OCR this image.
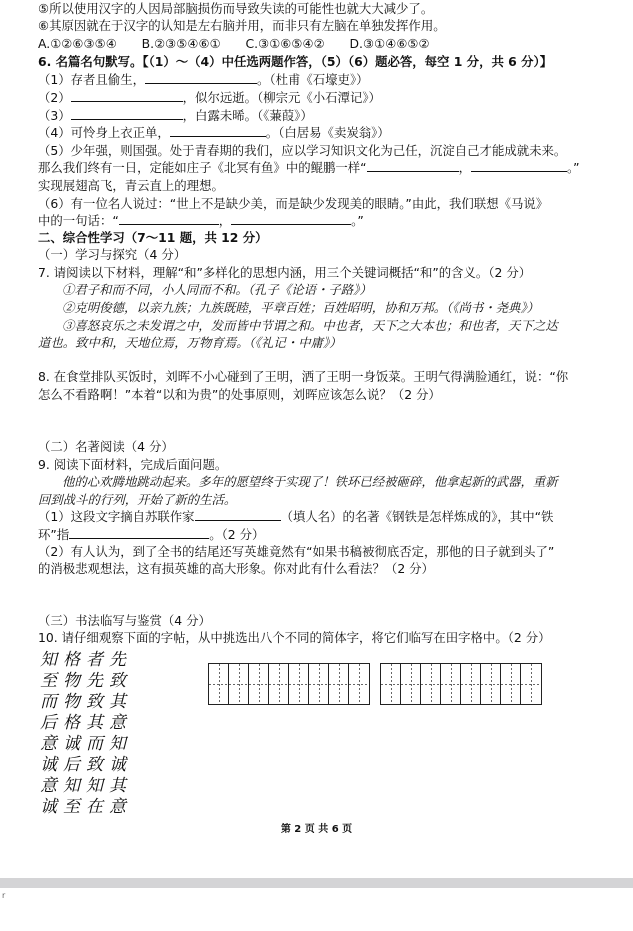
⑤所以使用汉字的人因局部脑损伤而导致失读的可能性也就大大减少了。
⑥其原因就在于汉字的认知是左右脑并用，而非只有左脑在单独发挥作用。
A.①②⑥③⑤④　　B.②③⑤④⑥①　　C.③①⑥⑤④②　　D.③①④⑥⑤②
6. 名篇名句默写。【（1）～（4）中任选两题作答，（5）（6）题必答，每空 1 分，共 6 分）】
（1）存者且偷生，	。（杜甫《石壕吏》）
（2）	，似尔远逝。（柳宗元《小石潭记》）
（3）	，白露未晞。（《蒹葭》）
（4）可怜身上衣正单，	。（白居易《卖炭翁》）
（5）少年强，则国强。处于青春期的我们，应以学习知识文化为己任，沉淀自己才能成就未来。
那么我们终有一日，定能如庄子《北冥有鱼》中的鲲鹏一样“	，	。”
实现展翅高飞，青云直上的理想。
（6）有一位名人说过：“世上不是缺少美，而是缺少发现美的眼睛。”由此，我们联想《马说》
中的一句话：“	，	。”
二、综合性学习（7～11 题，共 12 分）
（一）学习与探究（4 分）
7. 请阅读以下材料，理解“和”多样化的思想内涵，用三个关键词概括“和”的含义。（2 分）
①君子和而不同，小人同而不和。（孔子《论语・子路》）
②克明俊德，以亲九族；九族既睦，平章百姓；百姓昭明，协和万邦。（《尚书・尧典》）
③喜怒哀乐之未发谓之中，发而皆中节谓之和。中也者，天下之大本也；和也者，天下之达
道也。致中和，天地位焉，万物育焉。（《礼记・中庸》）
8. 在食堂排队买饭时，刘晖不小心碰到了王明，洒了王明一身饭菜。王明气得满脸通红，说：“你
怎么不看路啊！”本着“以和为贵”的处事原则，刘晖应该怎么说？（2 分）
（二）名著阅读（4 分）
9. 阅读下面材料，完成后面问题。
他的心欢腾地跳动起来。多年的愿望终于实现了！铁环已经被砸碎，他拿起新的武器，重新
回到战斗的行列，开始了新的生活。
（1）这段文字摘自苏联作家	（填人名）的名著《钢铁是怎样炼成的》，其中“铁
环”指	。（2 分）
（2）有人认为，到了全书的结尾还写英雄竟然有“如果书稿被彻底否定，那他的日子就到头了”
的消极悲观想法，这有损英雄的高大形象。你对此有什么看法？（2 分）
（三）书法临写与鉴赏（4 分）
10. 请仔细观察下面的字帖，从中挑选出八个不同的简体字，将它们临写在田字格中。（2 分）
知 格 者 先
至 物 先 致
而 物 致 其
后 格 其 意
意 诚 而 知
诚 后 致 诚
意 知 知 其
诚 至 在 意
第 2 页 共 6 页
r
